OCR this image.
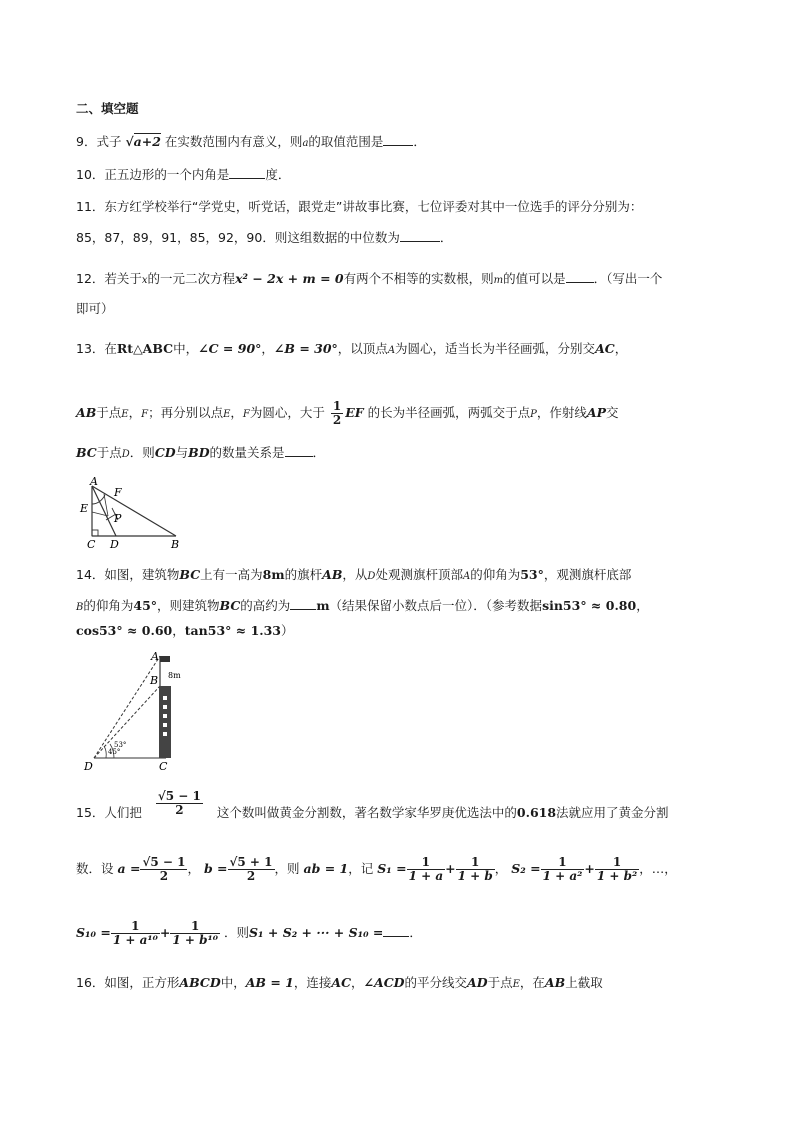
二、填空题
9．式子 √a+2 在实数范围内有意义，则a的取值范围是 ．
10．正五边形的一个内角是	度．
11．东方红学校举行“学党史，听党话，跟党走”讲故事比赛，七位评委对其中一位选手的评分分别为：
85，87，89，91，85，92，90．则这组数据的中位数为	．
12．若关于x的一元二次方程x² − 2x + m = 0有两个不相等的实数根，则m的值可以是 ．（写出一个
即可）
13．在Rt△ABC中，∠C = 90°，∠B = 30°，以顶点A为圆心，适当长为半径画弧，分别交AC，
AB于点E，F；再分别以点E，F为圆心，大于 $\frac{1}{2}$ EF 的长为半径画弧，两弧交于点P，作射线AP交
BC于点D．则CD与BD的数量关系是 ．
A
F
E
P
C D	B
14．如图，建筑物BC上有一高为8m的旗杆AB，从D处观测旗杆顶部A的仰角为53°，观测旗杆底部
B的仰角为45°，则建筑物BC的高约为 m（结果保留小数点后一位）．（参考数据sin53° ≈ 0.80，
cos53° ≈ 0.60，tan53° ≈ 1.33）
A
8m
B
45°
53°
D	C
15．人们把 $\frac{√5 - 1}{2}$ 这个数叫做黄金分割数，著名数学家华罗庚优选法中的0.618法就应用了黄金分割
数．设 $a = \frac{√5 - 1}{2}$ ， $b = \frac{√5 + 1}{2}$ ，则 ab = 1，记 $S_1 = \frac{1}{1 + a} + \frac{1}{1 + b}$ ， $S_2 = \frac{1}{\text{1 + a²}} + \frac{1}{\text{1 + b²}}$ ，…，
$S_{10} = \frac{1}{\text{1 + a¹⁰}} + \frac{1}{\text{1 + b¹⁰}}$ ．则S₁ + S₂ + ··· + S₁₀ = ．
16．如图，正方形ABCD中，AB = 1，连接AC，∠ACD的平分线交AD于点E，在AB上截取
